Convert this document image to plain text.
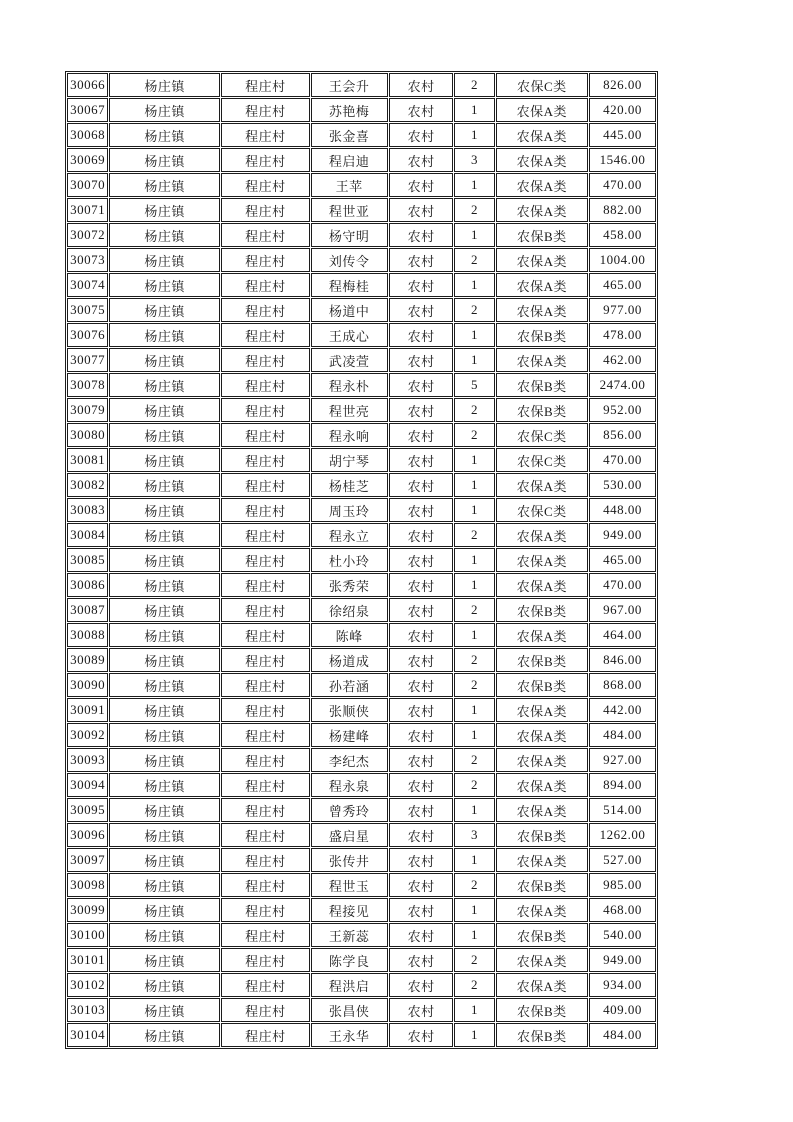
30066	杨庄镇	程庄村	王会升	农村	2	农保C类	826.00
30067	杨庄镇	程庄村	苏艳梅	农村	1	农保A类	420.00
30068	杨庄镇	程庄村	张金喜	农村	1	农保A类	445.00
30069	杨庄镇	程庄村	程启迪	农村	3	农保A类	1546.00
30070	杨庄镇	程庄村	王苹	农村	1	农保A类	470.00
30071	杨庄镇	程庄村	程世亚	农村	2	农保A类	882.00
30072	杨庄镇	程庄村	杨守明	农村	1	农保B类	458.00
30073	杨庄镇	程庄村	刘传令	农村	2	农保A类	1004.00
30074	杨庄镇	程庄村	程梅桂	农村	1	农保A类	465.00
30075	杨庄镇	程庄村	杨道中	农村	2	农保A类	977.00
30076	杨庄镇	程庄村	王成心	农村	1	农保B类	478.00
30077	杨庄镇	程庄村	武凌萱	农村	1	农保A类	462.00
30078	杨庄镇	程庄村	程永朴	农村	5	农保B类	2474.00
30079	杨庄镇	程庄村	程世亮	农村	2	农保B类	952.00
30080	杨庄镇	程庄村	程永响	农村	2	农保C类	856.00
30081	杨庄镇	程庄村	胡宁琴	农村	1	农保C类	470.00
30082	杨庄镇	程庄村	杨桂芝	农村	1	农保A类	530.00
30083	杨庄镇	程庄村	周玉玲	农村	1	农保C类	448.00
30084	杨庄镇	程庄村	程永立	农村	2	农保A类	949.00
30085	杨庄镇	程庄村	杜小玲	农村	1	农保A类	465.00
30086	杨庄镇	程庄村	张秀荣	农村	1	农保A类	470.00
30087	杨庄镇	程庄村	徐绍泉	农村	2	农保B类	967.00
30088	杨庄镇	程庄村	陈峰	农村	1	农保A类	464.00
30089	杨庄镇	程庄村	杨道成	农村	2	农保B类	846.00
30090	杨庄镇	程庄村	孙若涵	农村	2	农保B类	868.00
30091	杨庄镇	程庄村	张顺侠	农村	1	农保A类	442.00
30092	杨庄镇	程庄村	杨建峰	农村	1	农保A类	484.00
30093	杨庄镇	程庄村	李纪杰	农村	2	农保A类	927.00
30094	杨庄镇	程庄村	程永泉	农村	2	农保A类	894.00
30095	杨庄镇	程庄村	曾秀玲	农村	1	农保A类	514.00
30096	杨庄镇	程庄村	盛启星	农村	3	农保B类	1262.00
30097	杨庄镇	程庄村	张传井	农村	1	农保A类	527.00
30098	杨庄镇	程庄村	程世玉	农村	2	农保B类	985.00
30099	杨庄镇	程庄村	程接见	农村	1	农保A类	468.00
30100	杨庄镇	程庄村	王新蕊	农村	1	农保B类	540.00
30101	杨庄镇	程庄村	陈学良	农村	2	农保A类	949.00
30102	杨庄镇	程庄村	程洪启	农村	2	农保A类	934.00
30103	杨庄镇	程庄村	张昌侠	农村	1	农保B类	409.00
30104	杨庄镇	程庄村	王永华	农村	1	农保B类	484.00
